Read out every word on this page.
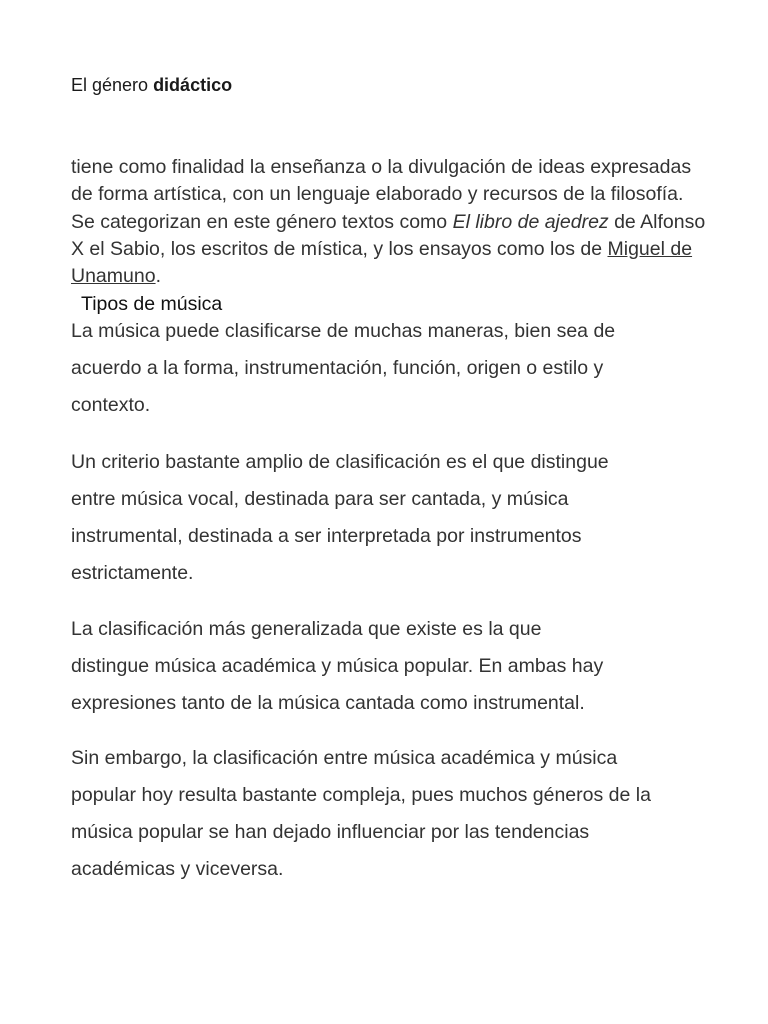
El género didáctico
tiene como finalidad la enseñanza o la divulgación de ideas expresadas de forma artística, con un lenguaje elaborado y recursos de la filosofía. Se categorizan en este género textos como El libro de ajedrez de Alfonso X el Sabio, los escritos de mística, y los ensayos como los de Miguel de Unamuno.
Tipos de música
La música puede clasificarse de muchas maneras, bien sea de
acuerdo a la forma, instrumentación, función, origen o estilo y
contexto.
Un criterio bastante amplio de clasificación es el que distingue
entre música vocal, destinada para ser cantada, y música
instrumental, destinada a ser interpretada por instrumentos
estrictamente.
La clasificación más generalizada que existe es la que
distingue música académica y música popular. En ambas hay
expresiones tanto de la música cantada como instrumental.
Sin embargo, la clasificación entre música académica y música
popular hoy resulta bastante compleja, pues muchos géneros de la
música popular se han dejado influenciar por las tendencias
académicas y viceversa.
